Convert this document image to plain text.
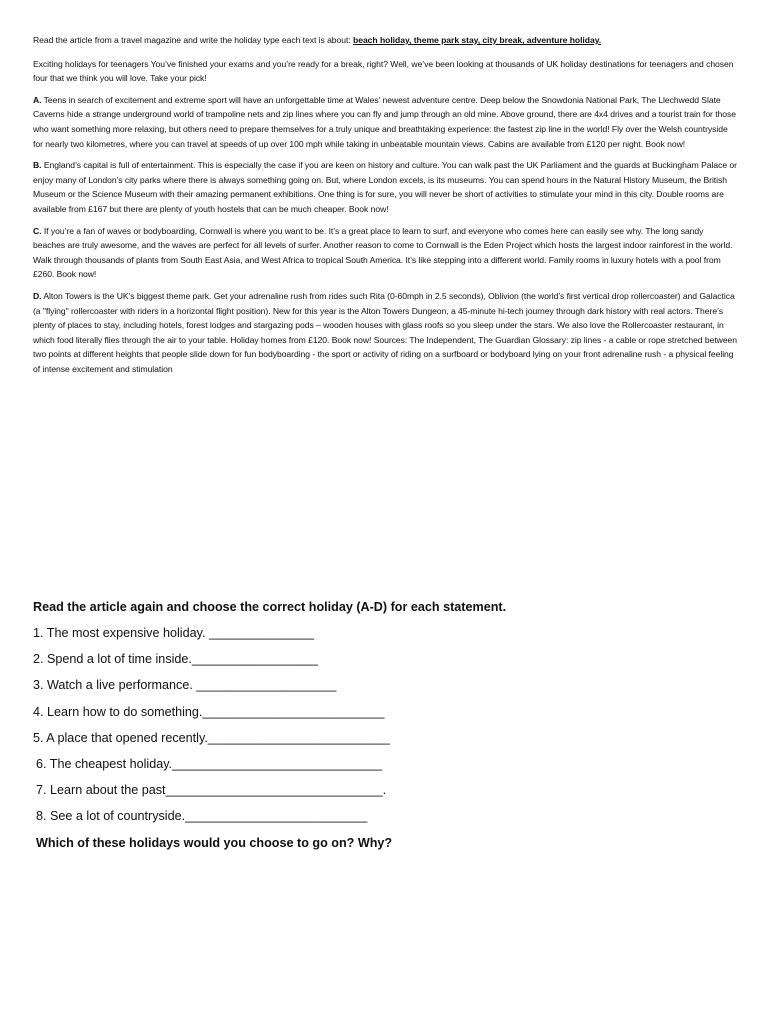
Read the article from a travel magazine and write the holiday type each text is about: beach holiday, theme park stay, city break, adventure holiday.

Exciting holidays for teenagers You’ve finished your exams and you’re ready for a break, right? Well, we’ve been looking at thousands of UK holiday destinations for teenagers and chosen four that we think you will love. Take your pick!

A. Teens in search of excitement and extreme sport will have an unforgettable time at Wales’ newest adventure centre. Deep below the Snowdonia National Park, The Llechwedd Slate Caverns hide a strange underground world of trampoline nets and zip lines where you can fly and jump through an old mine. Above ground, there are 4x4 drives and a tourist train for those who want something more relaxing, but others need to prepare themselves for a truly unique and breathtaking experience: the fastest zip line in the world! Fly over the Welsh countryside for nearly two kilometres, where you can travel at speeds of up over 100 mph while taking in unbeatable mountain views. Cabins are available from £120 per night. Book now!

B. England’s capital is full of entertainment. This is especially the case if you are keen on history and culture. You can walk past the UK Parliament and the guards at Buckingham Palace or enjoy many of London’s city parks where there is always something going on. But, where London excels, is its museums. You can spend hours in the Natural History Museum, the British Museum or the Science Museum with their amazing permanent exhibitions. One thing is for sure, you will never be short of activities to stimulate your mind in this city. Double rooms are available from £167 but there are plenty of youth hostels that can be much cheaper. Book now!

C. If you’re a fan of waves or bodyboarding, Cornwall is where you want to be. It’s a great place to learn to surf, and everyone who comes here can easily see why. The long sandy beaches are truly awesome, and the waves are perfect for all levels of surfer. Another reason to come to Cornwall is the Eden Project which hosts the largest indoor rainforest in the world. Walk through thousands of plants from South East Asia, and West Africa to tropical South America. It’s like stepping into a different world. Family rooms in luxury hotels with a pool from £260. Book now!

D. Alton Towers is the UK’s biggest theme park. Get your adrenaline rush from rides such Rita (0-60mph in 2.5 seconds), Oblivion (the world’s first vertical drop rollercoaster) and Galactica (a "flying" rollercoaster with riders in a horizontal flight position). New for this year is the Alton Towers Dungeon, a 45-minute hi-tech journey through dark history with real actors. There’s plenty of places to stay, including hotels, forest lodges and stargazing pods – wooden houses with glass roofs so you sleep under the stars. We also love the Rollercoaster restaurant, in which food literally flies through the air to your table. Holiday homes from £120. Book now! Sources: The Independent, The Guardian Glossary: zip lines - a cable or rope stretched between two points at different heights that people slide down for fun bodyboarding - the sport or activity of riding on a surfboard or bodyboard lying on your front adrenaline rush - a physical feeling of intense excitement and stimulation

Read the article again and choose the correct holiday (A-D) for each statement.
1. The most expensive holiday. _______________
2. Spend a lot of time inside.__________________
3. Watch a live performance. ____________________
4. Learn how to do something.__________________________
5. A place that opened recently.__________________________
6. The cheapest holiday.______________________________
7. Learn about the past_______________________________.
8. See a lot of countryside.__________________________
Which of these holidays would you choose to go on? Why?
